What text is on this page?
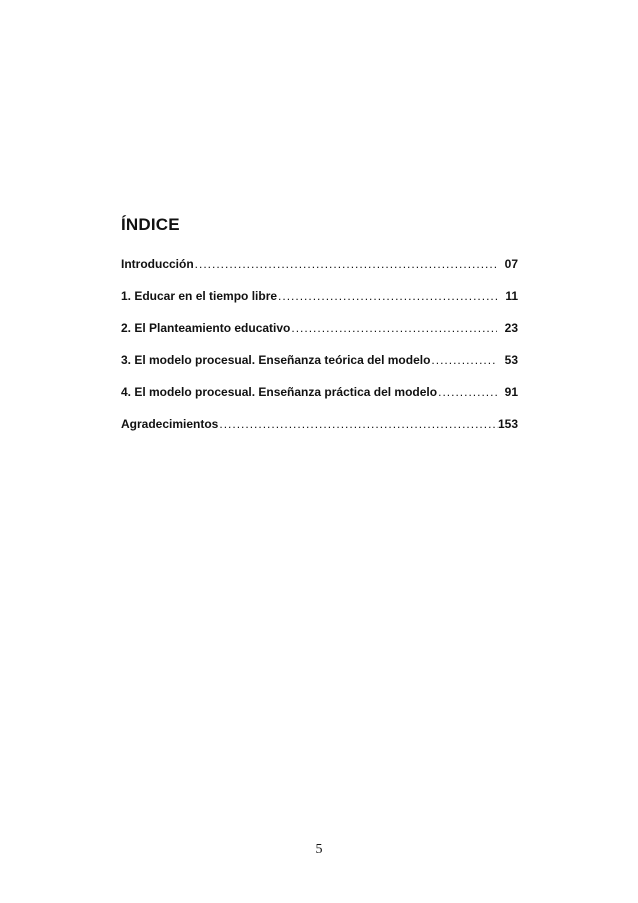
ÍNDICE
Introducción .....	07
1. Educar en el tiempo libre .....	11
2. El Planteamiento educativo .....	23
3. El modelo procesual. Enseñanza teórica del modelo .....	53
4. El modelo procesual. Enseñanza práctica del modelo .....	91
Agradecimientos .....	153
5
